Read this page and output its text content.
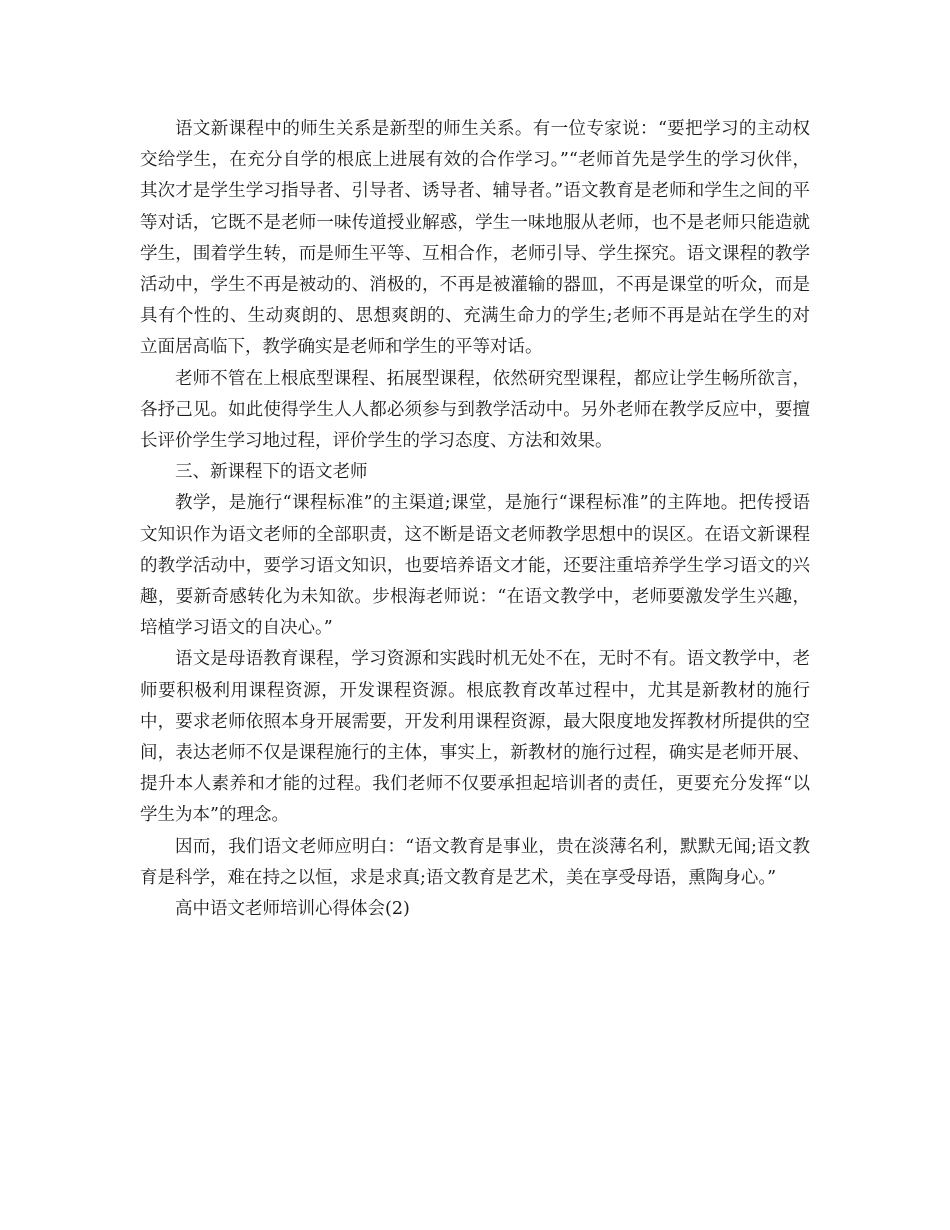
语文新课程中的师生关系是新型的师生关系。有一位专家说：“要把学习的主动权交给学生，在充分自学的根底上进展有效的合作学习。”“老师首先是学生的学习伙伴，其次才是学生学习指导者、引导者、诱导者、辅导者。”语文教育是老师和学生之间的平等对话，它既不是老师一味传道授业解惑，学生一味地服从老师，也不是老师只能造就学生，围着学生转，而是师生平等、互相合作，老师引导、学生探究。语文课程的教学活动中，学生不再是被动的、消极的，不再是被灌输的器皿，不再是课堂的听众，而是具有个性的、生动爽朗的、思想爽朗的、充满生命力的学生;老师不再是站在学生的对立面居高临下，教学确实是老师和学生的平等对话。

老师不管在上根底型课程、拓展型课程，依然研究型课程，都应让学生畅所欲言，各抒己见。如此使得学生人人都必须参与到教学活动中。另外老师在教学反应中，要擅长评价学生学习地过程，评价学生的学习态度、方法和效果。

三、新课程下的语文老师

教学，是施行“课程标准”的主渠道;课堂，是施行“课程标准”的主阵地。把传授语文知识作为语文老师的全部职责，这不断是语文老师教学思想中的误区。在语文新课程的教学活动中，要学习语文知识，也要培养语文才能，还要注重培养学生学习语文的兴趣，要新奇感转化为未知欲。步根海老师说：“在语文教学中，老师要激发学生兴趣，培植学习语文的自决心。”

语文是母语教育课程，学习资源和实践时机无处不在，无时不有。语文教学中，老师要积极利用课程资源，开发课程资源。根底教育改革过程中，尤其是新教材的施行中，要求老师依照本身开展需要，开发利用课程资源，最大限度地发挥教材所提供的空间，表达老师不仅是课程施行的主体，事实上，新教材的施行过程，确实是老师开展、提升本人素养和才能的过程。我们老师不仅要承担起培训者的责任，更要充分发挥“以学生为本”的理念。

因而，我们语文老师应明白：“语文教育是事业，贵在淡薄名利，默默无闻;语文教育是科学，难在持之以恒，求是求真;语文教育是艺术，美在享受母语，熏陶身心。”

高中语文老师培训心得体会(2)
